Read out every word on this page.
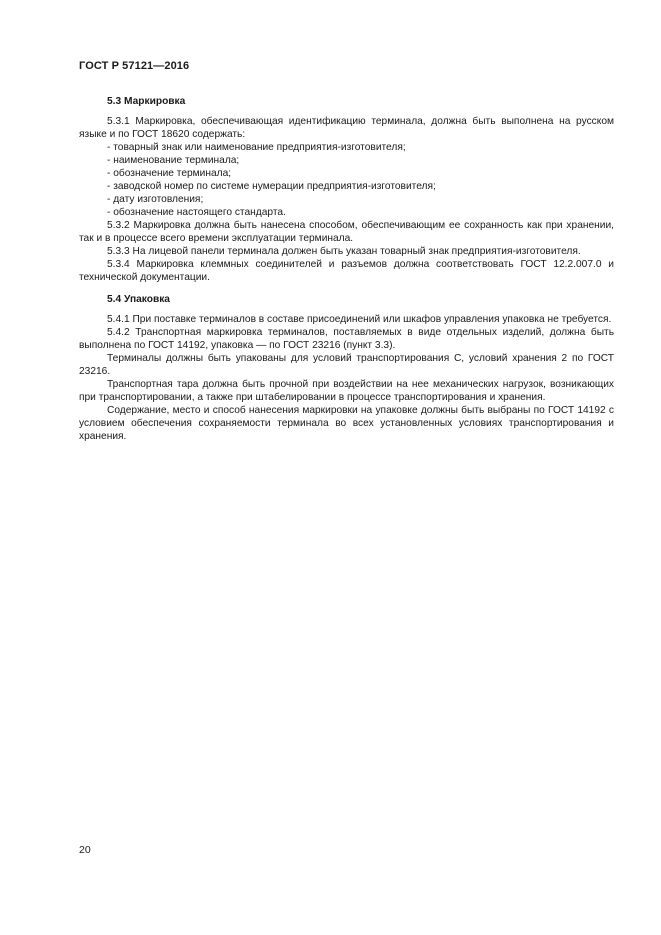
ГОСТ Р 57121—2016

5.3 Маркировка

5.3.1 Маркировка, обеспечивающая идентификацию терминала, должна быть выполнена на русском языке и по ГОСТ 18620 содержать:

- товарный знак или наименование предприятия-изготовителя;

- наименование терминала;

- обозначение терминала;

- заводской номер по системе нумерации предприятия-изготовителя;

- дату изготовления;

- обозначение настоящего стандарта.

5.3.2 Маркировка должна быть нанесена способом, обеспечивающим ее сохранность как при хранении, так и в процессе всего времени эксплуатации терминала.

5.3.3 На лицевой панели терминала должен быть указан товарный знак предприятия-изготовителя.

5.3.4 Маркировка клеммных соединителей и разъемов должна соответствовать ГОСТ 12.2.007.0 и технической документации.

5.4 Упаковка

5.4.1 При поставке терминалов в составе присоединений или шкафов управления упаковка не требуется.

5.4.2 Транспортная маркировка терминалов, поставляемых в виде отдельных изделий, должна быть выполнена по ГОСТ 14192, упаковка — по ГОСТ 23216 (пункт 3.3).

Терминалы должны быть упакованы для условий транспортирования С, условий хранения 2 по ГОСТ 23216.

Транспортная тара должна быть прочной при воздействии на нее механических нагрузок, возникающих при транспортировании, а также при штабелировании в процессе транспортирования и хранения.

Содержание, место и способ нанесения маркировки на упаковке должны быть выбраны по ГОСТ 14192 с условием обеспечения сохраняемости терминала во всех установленных условиях транспортирования и хранения.

20
